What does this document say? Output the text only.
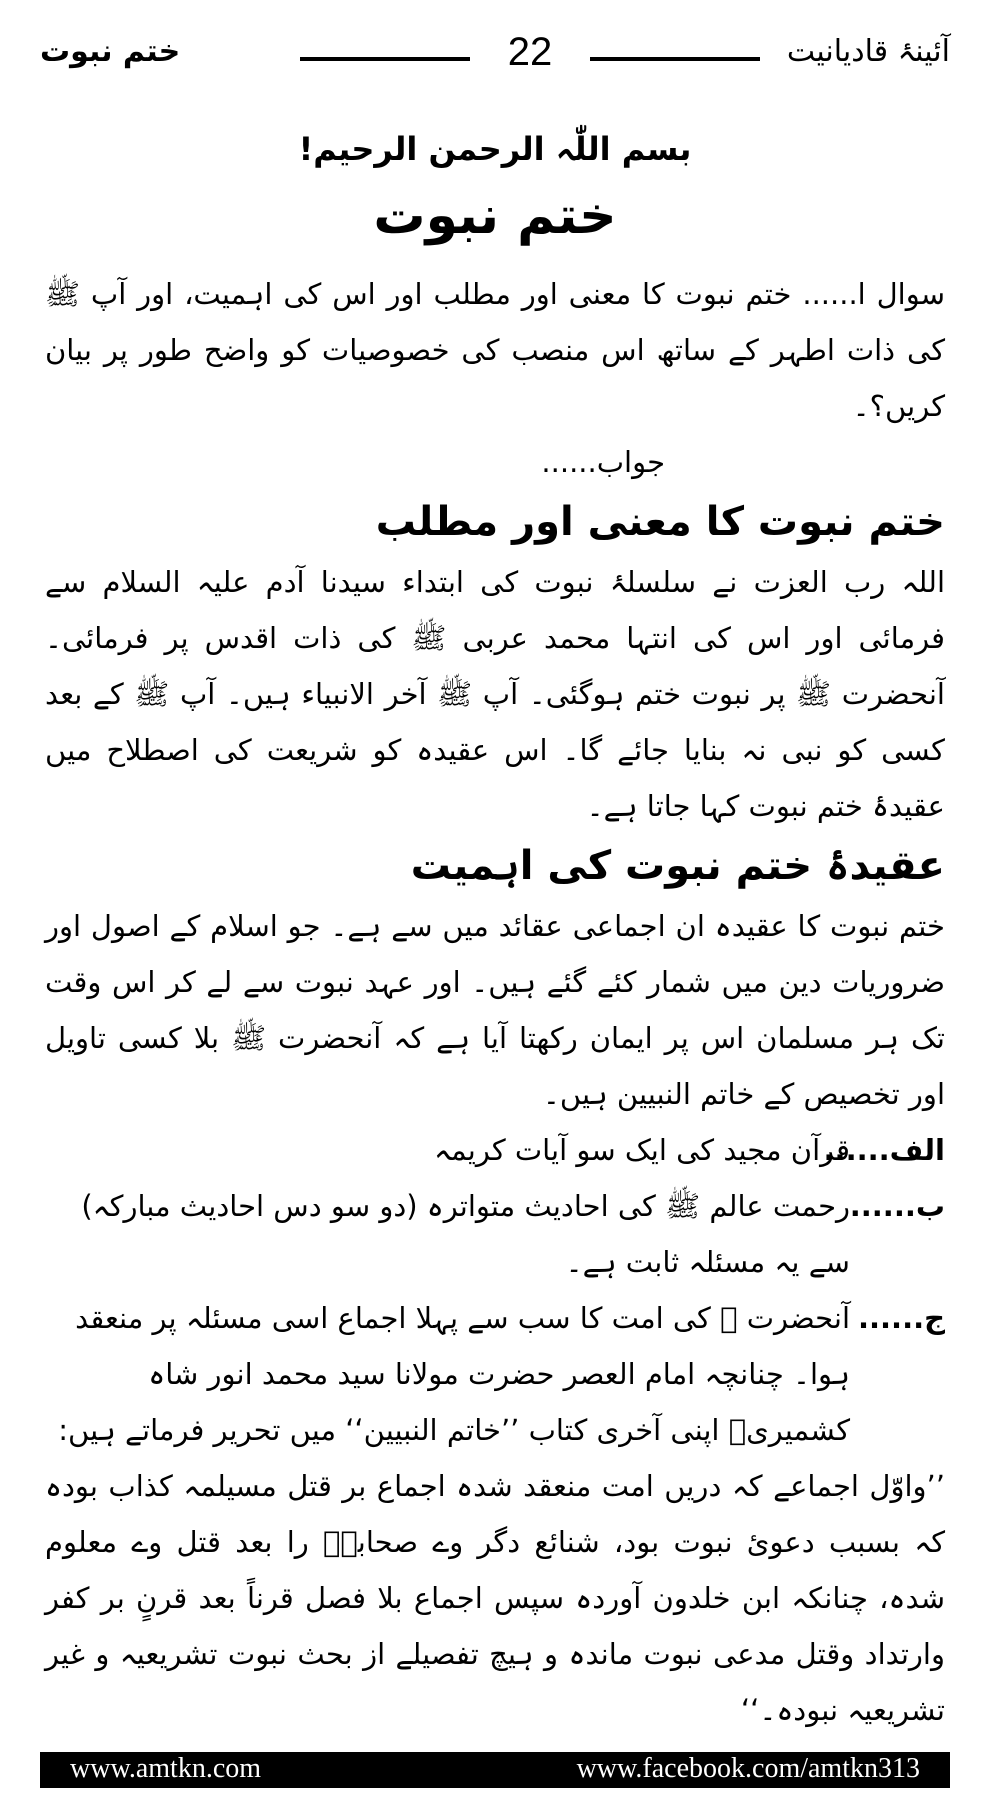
ختم نبوت	22	آئینۂ قادیانیت
بسم اللّٰہ الرحمن الرحیم!
ختم نبوت
سوال ا...... ختم نبوت کا معنی اور مطلب اور اس کی اہمیت، اور آپ ﷺ کی ذات اطہر کے ساتھ اس منصب کی خصوصیات کو واضح طور پر بیان کریں؟۔
جواب......
ختم نبوت کا معنی اور مطلب
اللہ رب العزت نے سلسلۂ نبوت کی ابتداء سیدنا آدم علیہ السلام سے فرمائی اور اس کی انتہا محمد عربی ﷺ کی ذات اقدس پر فرمائی۔ آنحضرت ﷺ پر نبوت ختم ہوگئی۔ آپ ﷺ آخر الانبیاء ہیں۔ آپ ﷺ کے بعد کسی کو نبی نہ بنایا جائے گا۔ اس عقیدہ کو شریعت کی اصطلاح میں عقیدۂ ختم نبوت کہا جاتا ہے۔
عقیدۂ ختم نبوت کی اہمیت
ختم نبوت کا عقیدہ ان اجماعی عقائد میں سے ہے۔ جو اسلام کے اصول اور ضروریات دین میں شمار کئے گئے ہیں۔ اور عہد نبوت سے لے کر اس وقت تک ہر مسلمان اس پر ایمان رکھتا آیا ہے کہ آنحضرت ﷺ بلا کسی تاویل اور تخصیص کے خاتم النبیین ہیں۔
الف......
قرآن مجید کی ایک سو آیات کریمہ
ب......
رحمت عالم ﷺ کی احادیث متواترہ (دو سو دس احادیث مبارکہ) سے یہ مسئلہ ثابت ہے۔
ج......
آنحضرت ﷺ کی امت کا سب سے پہلا اجماع اسی مسئلہ پر منعقد ہوا۔ چنانچہ امام العصر حضرت مولانا سید محمد انور شاہ کشمیریؒ اپنی آخری کتاب ’’خاتم النبیین‘‘ میں تحریر فرماتے ہیں:
’’واوّل اجماعے کہ دریں امت منعقد شدہ اجماع بر قتل مسیلمہ کذاب بودہ کہ بسبب دعوئ نبوت بود، شنائع دگر وے صحابہؓ را بعد قتل وے معلوم شدہ، چنانکہ ابن خلدون آوردہ سپس اجماع بلا فصل قرناً بعد قرنٍ بر کفر وارتداد وقتل مدعی نبوت ماندہ و ہیچ تفصیلے از بحث نبوت تشریعیہ و غیر تشریعیہ نبودہ۔‘‘
www.amtkn.com	www.facebook.com/amtkn313
